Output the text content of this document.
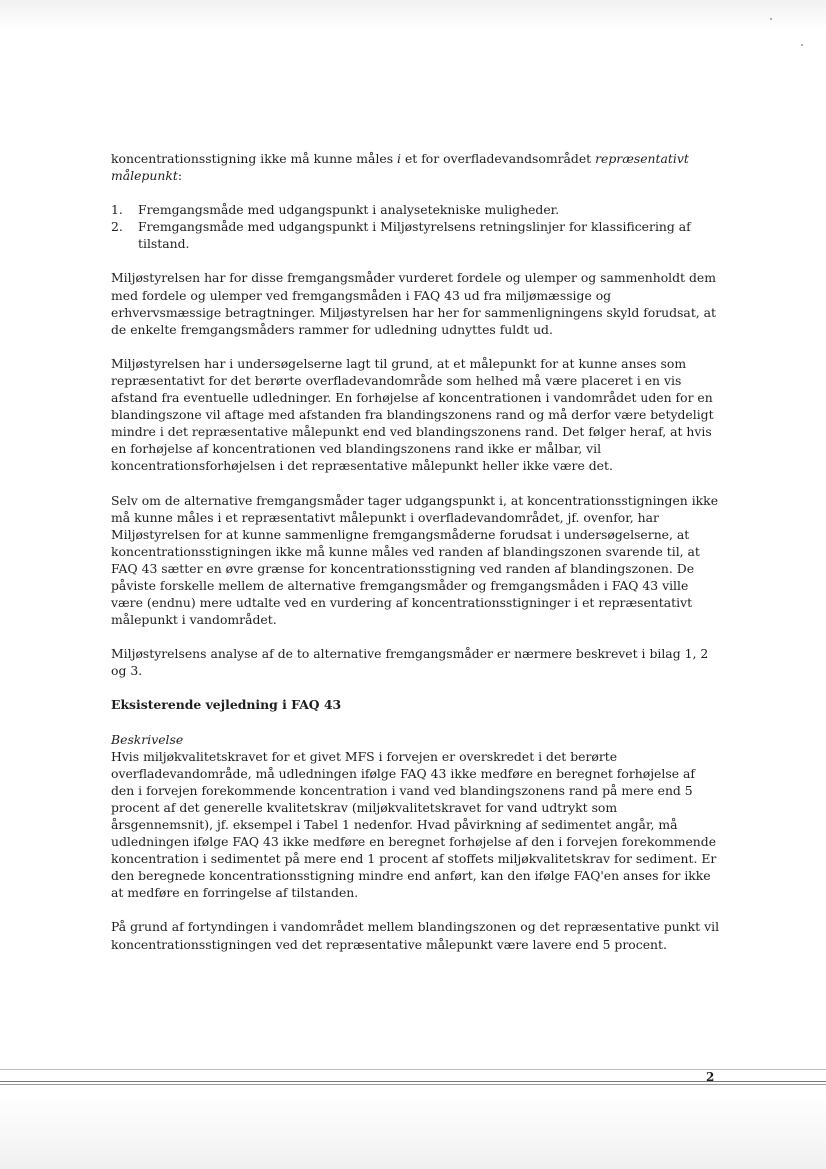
koncentrationsstigning ikke må kunne måles i et for overfladevandsområdet repræsentativt målepunkt:

1.	Fremgangsmåde med udgangspunkt i analysetekniske muligheder.
2.	Fremgangsmåde med udgangspunkt i Miljøstyrelsens retningslinjer for klassificering af tilstand.

Miljøstyrelsen har for disse fremgangsmåder vurderet fordele og ulemper og sammenholdt dem med fordele og ulemper ved fremgangsmåden i FAQ 43 ud fra miljømæssige og erhvervsmæssige betragtninger. Miljøstyrelsen har her for sammenligningens skyld forudsat, at de enkelte fremgangsmåders rammer for udledning udnyttes fuldt ud.

Miljøstyrelsen har i undersøgelserne lagt til grund, at et målepunkt for at kunne anses som repræsentativt for det berørte overfladevandområde som helhed må være placeret i en vis afstand fra eventuelle udledninger. En forhøjelse af koncentrationen i vandområdet uden for en blandingszone vil aftage med afstanden fra blandingszonens rand og må derfor være betydeligt mindre i det repræsentative målepunkt end ved blandingszonens rand. Det følger heraf, at hvis en forhøjelse af koncentrationen ved blandingszonens rand ikke er målbar, vil koncentrationsforhøjelsen i det repræsentative målepunkt heller ikke være det.

Selv om de alternative fremgangsmåder tager udgangspunkt i, at koncentrationsstigningen ikke må kunne måles i et repræsentativt målepunkt i overfladevandområdet, jf. ovenfor, har Miljøstyrelsen for at kunne sammenligne fremgangsmåderne forudsat i undersøgelserne, at koncentrationsstigningen ikke må kunne måles ved randen af blandingszonen svarende til, at FAQ 43 sætter en øvre grænse for koncentrationsstigning ved randen af blandingszonen. De påviste forskelle mellem de alternative fremgangsmåder og fremgangsmåden i FAQ 43 ville være (endnu) mere udtalte ved en vurdering af koncentrationsstigninger i et repræsentativt målepunkt i vandområdet.

Miljøstyrelsens analyse af de to alternative fremgangsmåder er nærmere beskrevet i bilag 1, 2 og 3.

Eksisterende vejledning i FAQ 43

Beskrivelse
Hvis miljøkvalitetskravet for et givet MFS i forvejen er overskredet i det berørte overfladevandområde, må udledningen ifølge FAQ 43 ikke medføre en beregnet forhøjelse af den i forvejen forekommende koncentration i vand ved blandingszonens rand på mere end 5 procent af det generelle kvalitetskrav (miljøkvalitetskravet for vand udtrykt som årsgennemsnit), jf. eksempel i Tabel 1 nedenfor. Hvad påvirkning af sedimentet angår, må udledningen ifølge FAQ 43 ikke medføre en beregnet forhøjelse af den i forvejen forekommende koncentration i sedimentet på mere end 1 procent af stoffets miljøkvalitetskrav for sediment. Er den beregnede koncentrationsstigning mindre end anført, kan den ifølge FAQ'en anses for ikke at medføre en forringelse af tilstanden.

På grund af fortyndingen i vandområdet mellem blandingszonen og det repræsentative punkt vil koncentrationsstigningen ved det repræsentative målepunkt være lavere end 5 procent.

2
